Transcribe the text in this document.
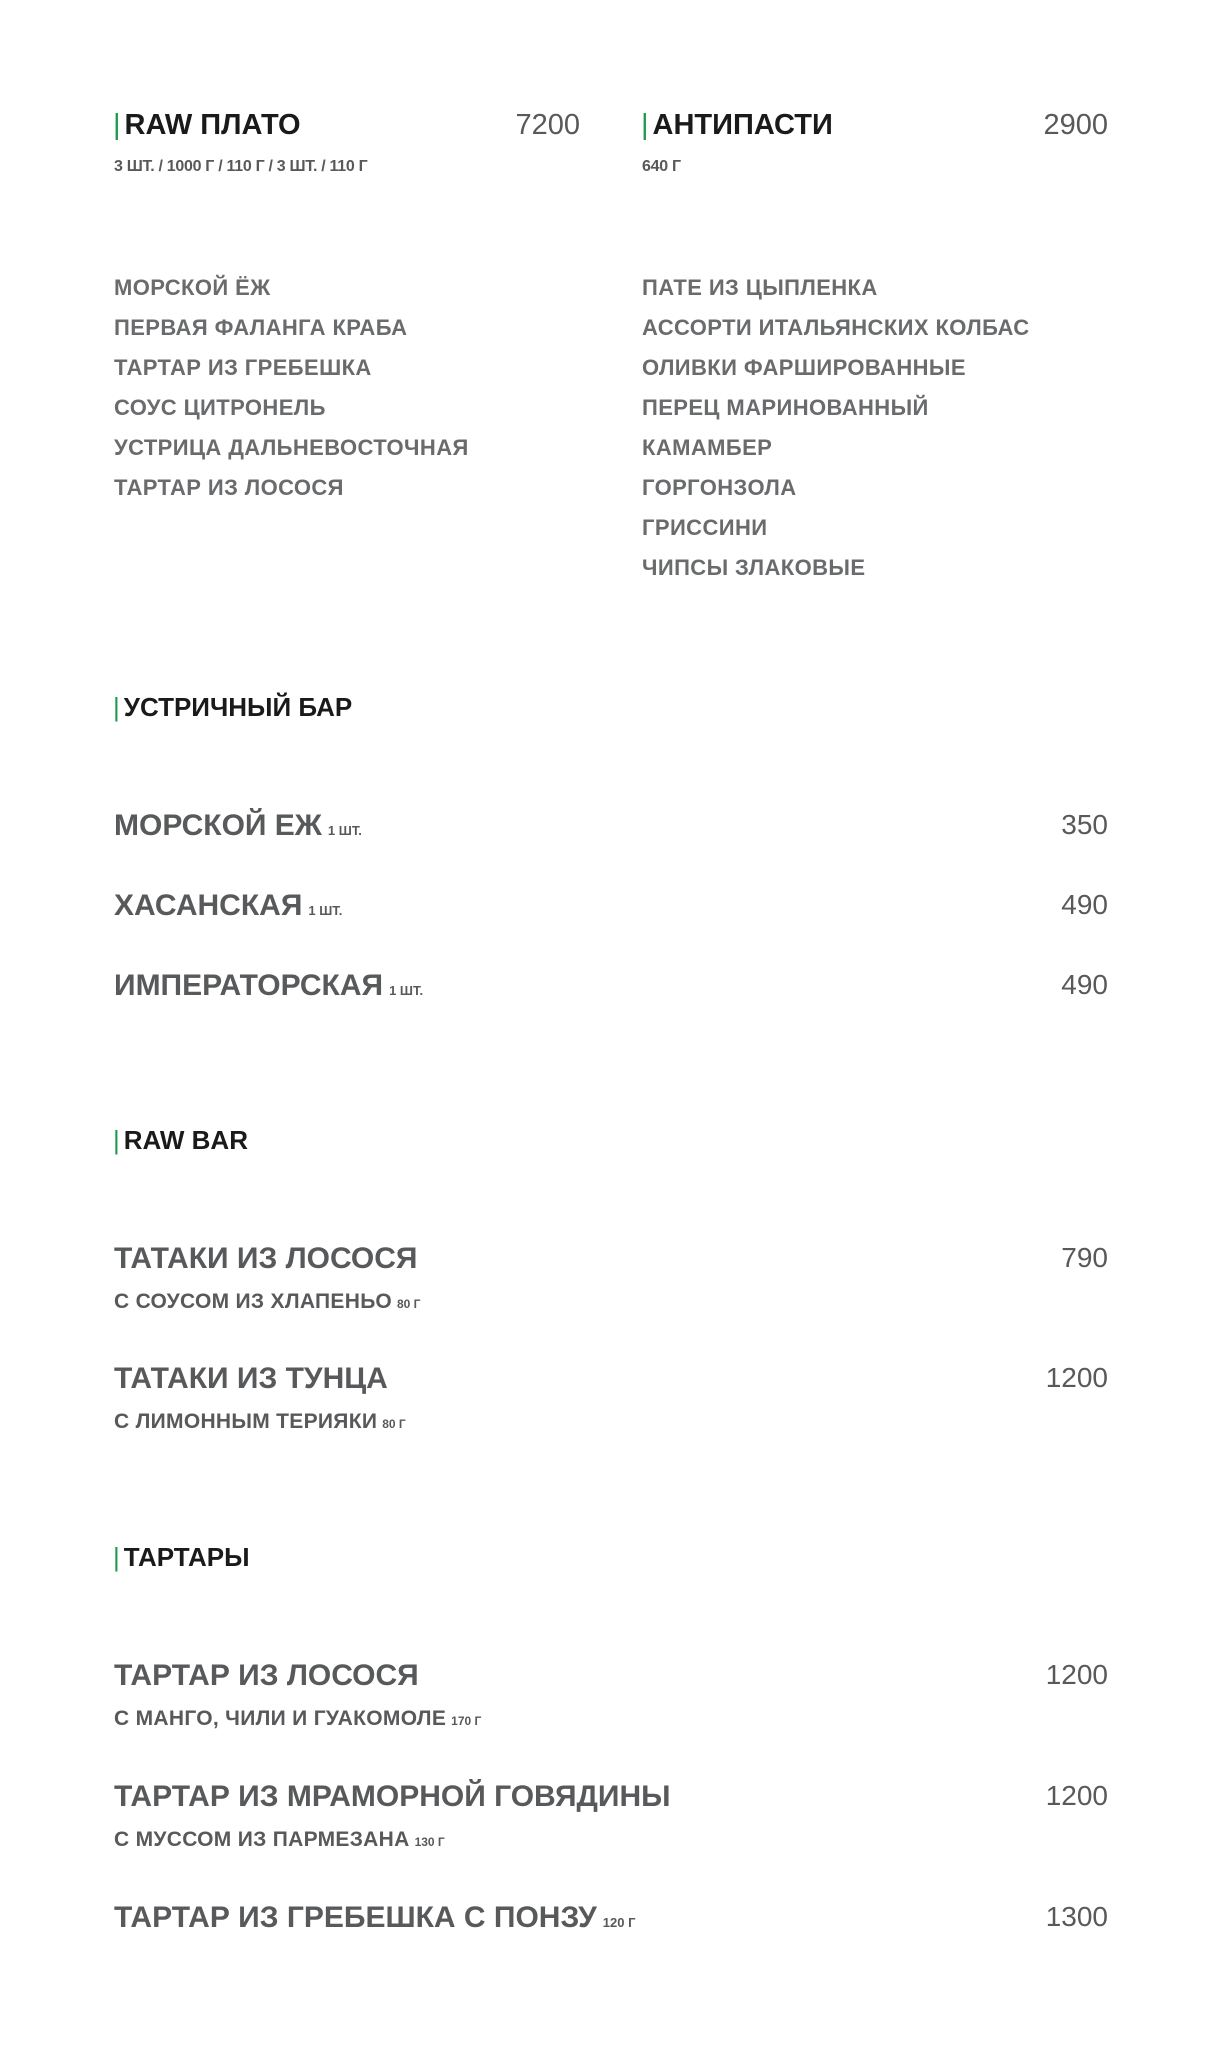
| RAW ПЛАТО	7200
3 ШТ. / 1000 Г / 110 Г / 3 ШТ. / 110 Г
МОРСКОЙ ЁЖ
ПЕРВАЯ ФАЛАНГА КРАБА
ТАРТАР ИЗ ГРЕБЕШКА
СОУС ЦИТРОНЕЛЬ
УСТРИЦА ДАЛЬНЕВОСТОЧНАЯ
ТАРТАР ИЗ ЛОСОСЯ
| АНТИПАСТИ	2900
640 Г
ПАТЕ ИЗ ЦЫПЛЕНКА
АССОРТИ ИТАЛЬЯНСКИХ КОЛБАС
ОЛИВКИ ФАРШИРОВАННЫЕ
ПЕРЕЦ МАРИНОВАННЫЙ
КАМАМБЕР
ГОРГОНЗОЛА
ГРИССИНИ
ЧИПСЫ ЗЛАКОВЫЕ
| УСТРИЧНЫЙ БАР
МОРСКОЙ ЕЖ 1 ШТ.	350
ХАСАНСКАЯ 1 ШТ.	490
ИМПЕРАТОРСКАЯ 1 ШТ.	490
| RAW BAR
ТАТАКИ ИЗ ЛОСОСЯ	790
С СОУСОМ ИЗ ХЛАПЕНЬО 80 Г
ТАТАКИ ИЗ ТУНЦА	1200
С ЛИМОННЫМ ТЕРИЯКИ 80 Г
| ТАРТАРЫ
ТАРТАР ИЗ ЛОСОСЯ	1200
С МАНГО, ЧИЛИ И ГУАКОМОЛЕ 170 Г
ТАРТАР ИЗ МРАМОРНОЙ ГОВЯДИНЫ	1200
С МУССОМ ИЗ ПАРМЕЗАНА 130 Г
ТАРТАР ИЗ ГРЕБЕШКА С ПОНЗУ 120 Г	1300
